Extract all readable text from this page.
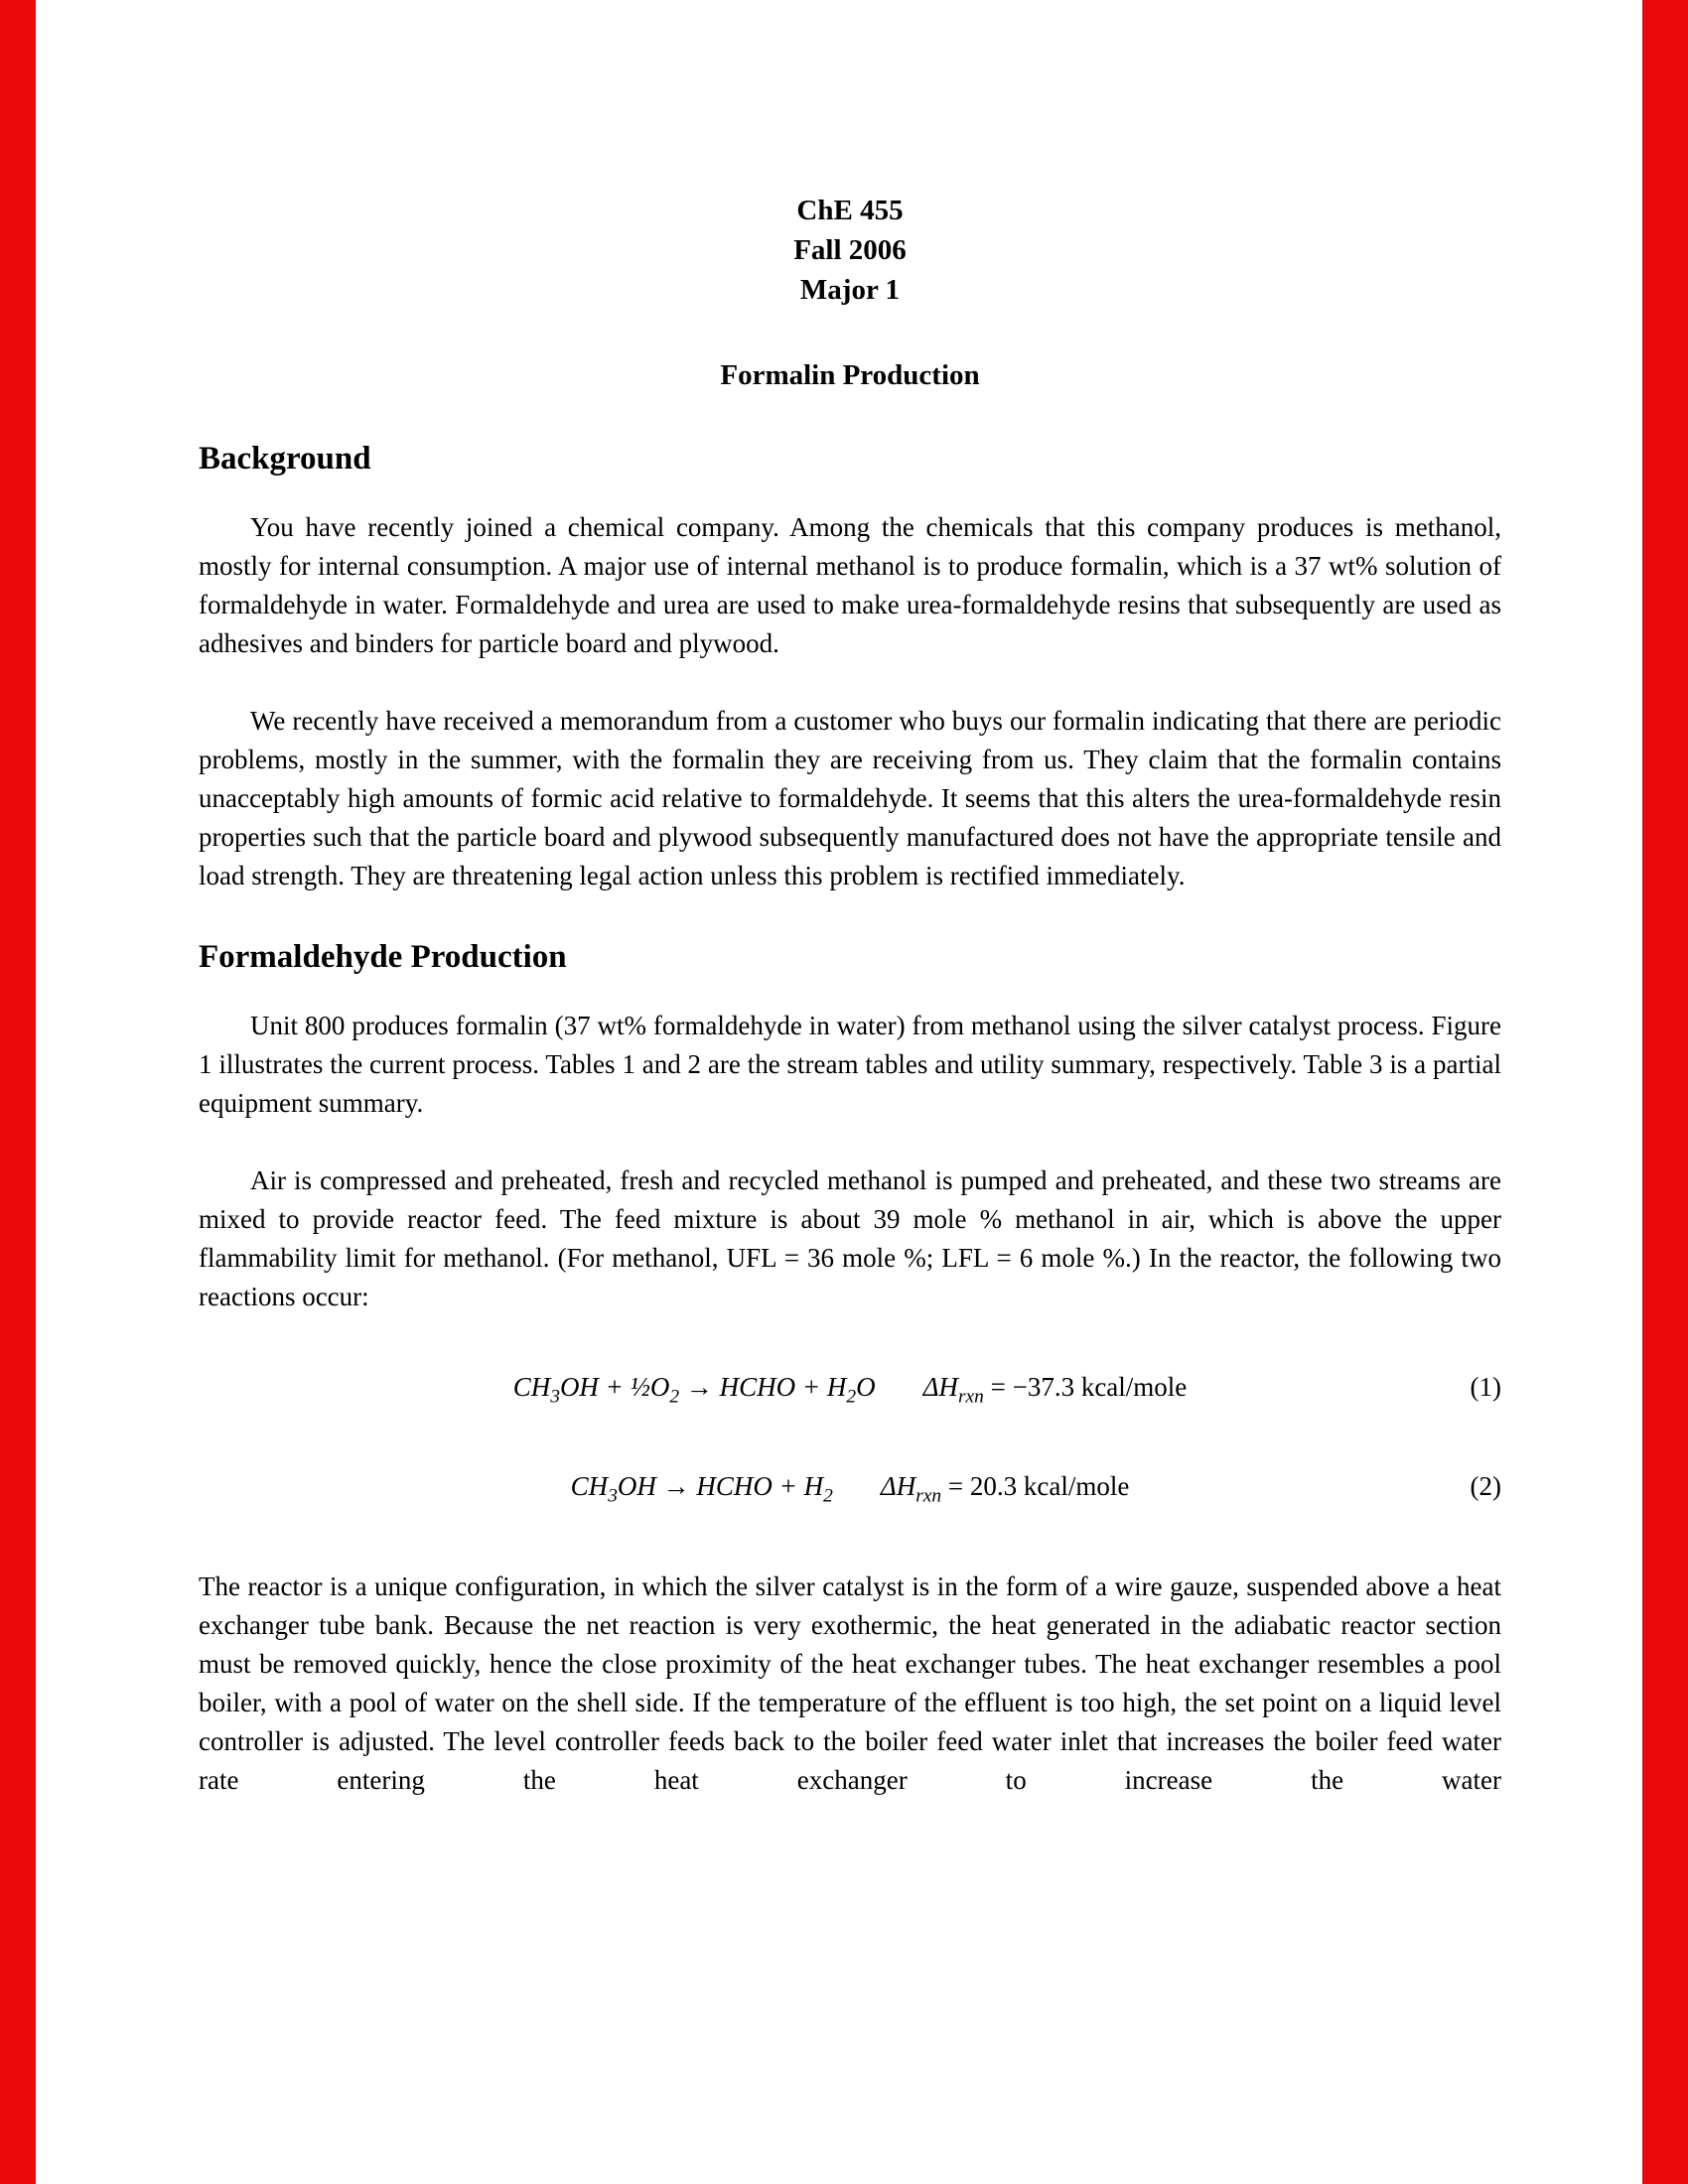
ChE 455
Fall 2006
Major 1
Formalin Production
Background

You have recently joined a chemical company. Among the chemicals that this company produces is methanol, mostly for internal consumption. A major use of internal methanol is to produce formalin, which is a 37 wt% solution of formaldehyde in water. Formaldehyde and urea are used to make urea-formaldehyde resins that subsequently are used as adhesives and binders for particle board and plywood.

We recently have received a memorandum from a customer who buys our formalin indicating that there are periodic problems, mostly in the summer, with the formalin they are receiving from us. They claim that the formalin contains unacceptably high amounts of formic acid relative to formaldehyde. It seems that this alters the urea-formaldehyde resin properties such that the particle board and plywood subsequently manufactured does not have the appropriate tensile and load strength. They are threatening legal action unless this problem is rectified immediately.

Formaldehyde Production

Unit 800 produces formalin (37 wt% formaldehyde in water) from methanol using the silver catalyst process. Figure 1 illustrates the current process. Tables 1 and 2 are the stream tables and utility summary, respectively. Table 3 is a partial equipment summary.

Air is compressed and preheated, fresh and recycled methanol is pumped and preheated, and these two streams are mixed to provide reactor feed. The feed mixture is about 39 mole % methanol in air, which is above the upper flammability limit for methanol. (For methanol, UFL = 36 mole %; LFL = 6 mole %.) In the reactor, the following two reactions occur:

$CH_3OH$ + $\frac{1}{2}O_2$ → HCHO + $H_2O$ $\Delta H_{rxn} = -37.3$ kcal/mole	(1)
$CH_3OH$ → HCHO + $H_2$ $\Delta H_{rxn} = 20.3$ kcal/mole	(2)

The reactor is a unique configuration, in which the silver catalyst is in the form of a wire gauze, suspended above a heat exchanger tube bank. Because the net reaction is very exothermic, the heat generated in the adiabatic reactor section must be removed quickly, hence the close proximity of the heat exchanger tubes. The heat exchanger resembles a pool boiler, with a pool of water on the shell side. If the temperature of the effluent is too high, the set point on a liquid level controller is adjusted. The level controller feeds back to the boiler feed water inlet that increases the boiler feed water rate entering the heat exchanger to increase the water
